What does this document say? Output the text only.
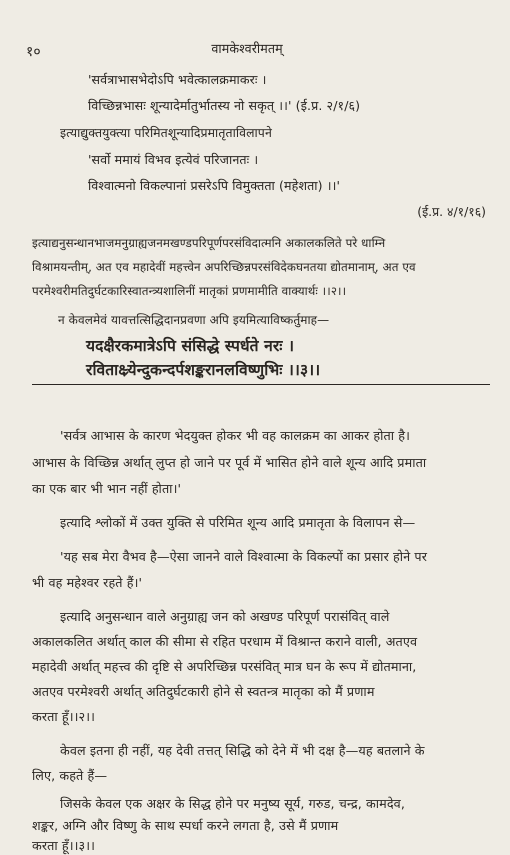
१०	वामकेश्वरीमतम्
'सर्वत्राभासभेदोऽपि भवेत्कालक्रमाकरः ।
विच्छिन्नभासः शून्यादेर्मातुर्भातस्य नो सकृत् ।।' (ई.प्र. २/१/६)
इत्याद्युक्तयुक्त्या परिमितशून्यादिप्रमातृताविलापने
'सर्वो ममायं विभव इत्येवं परिजानतः ।
विश्वात्मनो विकल्पानां प्रसरेऽपि विमुक्तता (महेशता) ।।'
(ई.प्र. ४/१/१६)
इत्याद्यनुसन्धानभाजमनुग्राह्यजनमखण्डपरिपूर्णपरसंविदात्मनि अकालकलिते परे धाम्नि
विश्रामयन्तीम्, अत एव महादेवीं महत्त्वेन अपरिच्छिन्नपरसंविदेकघनतया द्योतमानाम्, अत एव
परमेश्वरीमतिदुर्घटकारिस्वातन्त्र्यशालिनीं मातृकां प्रणमामीति वाक्यार्थः ।।२।।
न केवलमेवं यावत्तत्सिद्धिदानप्रवणा अपि इयमित्याविष्कर्तुमाह—
यदक्षैरकमात्रेऽपि संसिद्धे स्पर्धते नरः ।
रविताक्ष्र्येन्दुकन्दर्पशङ्करानलविष्णुभिः ।।३।।
'सर्वत्र आभास के कारण भेदयुक्त होकर भी वह कालक्रम का आकर होता है।
आभास के विच्छिन्न अर्थात् लुप्त हो जाने पर पूर्व में भासित होने वाले शून्य आदि प्रमाता
का एक बार भी भान नहीं होता।'
इत्यादि श्लोकों में उक्त युक्ति से परिमित शून्य आदि प्रमातृता के विलापन से—
'यह सब मेरा वैभव है—ऐसा जानने वाले विश्वात्मा के विकल्पों का प्रसार होने पर
भी वह महेश्वर रहते हैं।'
इत्यादि अनुसन्धान वाले अनुग्राह्य जन को अखण्ड परिपूर्ण परासंवित् वाले
अकालकलित अर्थात् काल की सीमा से रहित परधाम में विश्रान्त कराने वाली, अतएव
महादेवी अर्थात् महत्त्व की दृष्टि से अपरिच्छिन्न परसंवित् मात्र घन के रूप में द्योतमाना,
अतएव परमेश्वरी अर्थात् अतिदुर्घटकारी होने से स्वतन्त्र मातृका को मैं प्रणाम
करता हूँ।।२।।
केवल इतना ही नहीं, यह देवी तत्तत् सिद्धि को देने में भी दक्ष है—यह बतलाने के
लिए, कहते हैं—
जिसके केवल एक अक्षर के सिद्ध होने पर मनुष्य सूर्य, गरुड, चन्द्र, कामदेव,
शङ्कर, अग्नि और विष्णु के साथ स्पर्धा करने लगता है, उसे मैं प्रणाम
करता हूँ।।३।।
